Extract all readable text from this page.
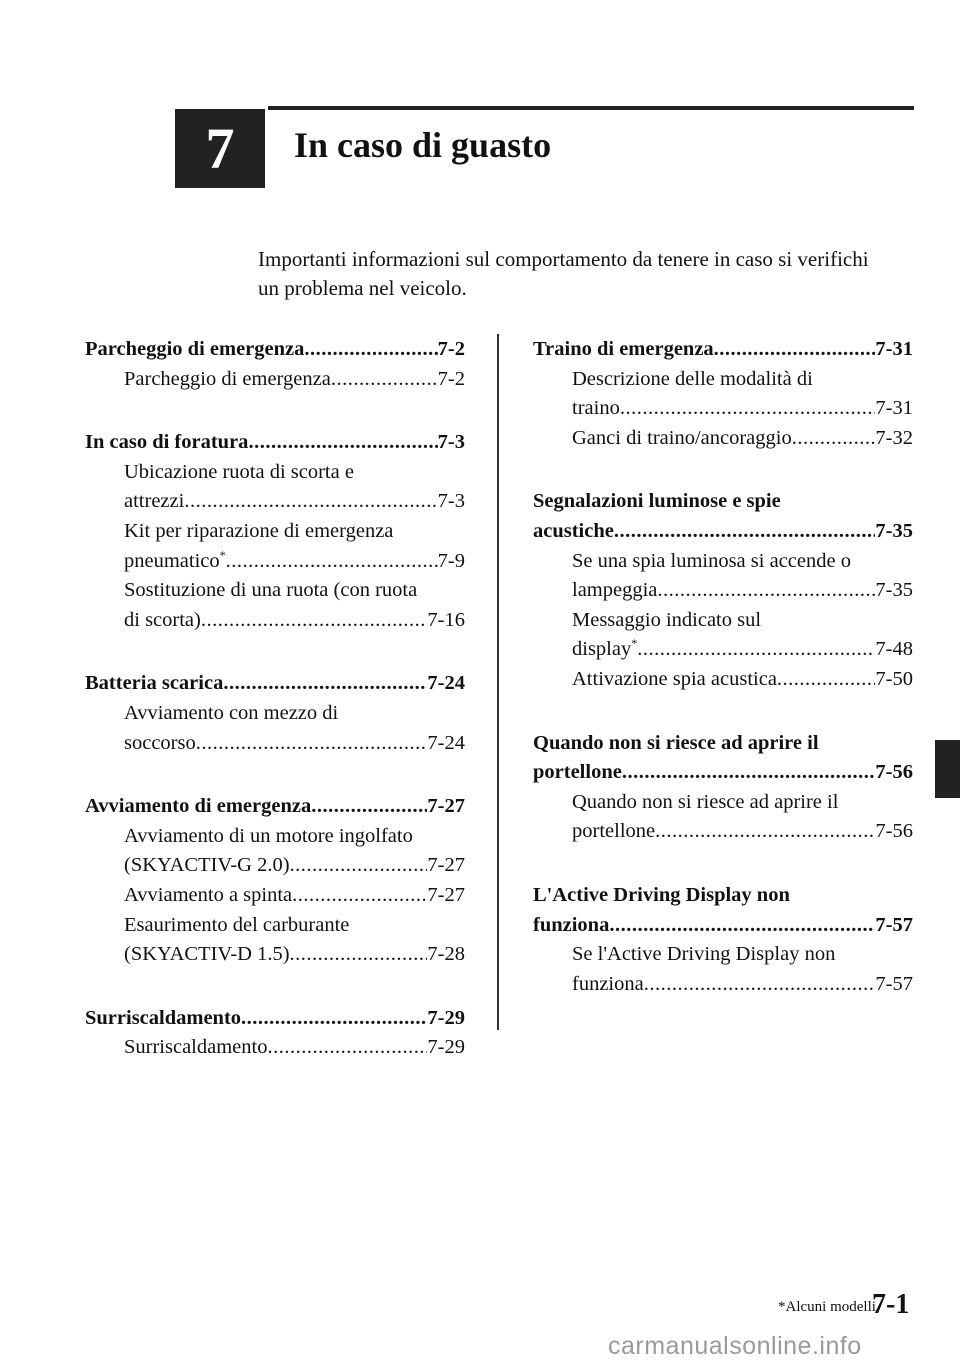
7 In caso di guasto
Importanti informazioni sul comportamento da tenere in caso si verifichi un problema nel veicolo.
Parcheggio di emergenza .....	7-2
Parcheggio di emergenza .....	7-2
In caso di foratura .....	7-3
Ubicazione ruota di scorta e
attrezzi .....	7-3
Kit per riparazione di emergenza
pneumatico* .....	7-9
Sostituzione di una ruota (con ruota
di scorta) .....	7-16
Batteria scarica .....	7-24
Avviamento con mezzo di
soccorso .....	7-24
Avviamento di emergenza .....	7-27
Avviamento di un motore ingolfato
(SKYACTIV-G 2.0) .....	7-27
Avviamento a spinta .....	7-27
Esaurimento del carburante
(SKYACTIV-D 1.5) .....	7-28
Surriscaldamento .....	7-29
Surriscaldamento .....	7-29
Traino di emergenza .....	7-31
Descrizione delle modalità di
traino .....	7-31
Ganci di traino/ancoraggio .....	7-32
Segnalazioni luminose e spie
acustiche .....	7-35
Se una spia luminosa si accende o
lampeggia .....	7-35
Messaggio indicato sul
display* .....	7-48
Attivazione spia acustica .....	7-50
Quando non si riesce ad aprire il
portellone .....	7-56
Quando non si riesce ad aprire il
portellone .....	7-56
L'Active Driving Display non
funziona .....	7-57
Se l'Active Driving Display non
funziona .....	7-57
*Alcuni modelli.
7-1
carmanualsonline.info
